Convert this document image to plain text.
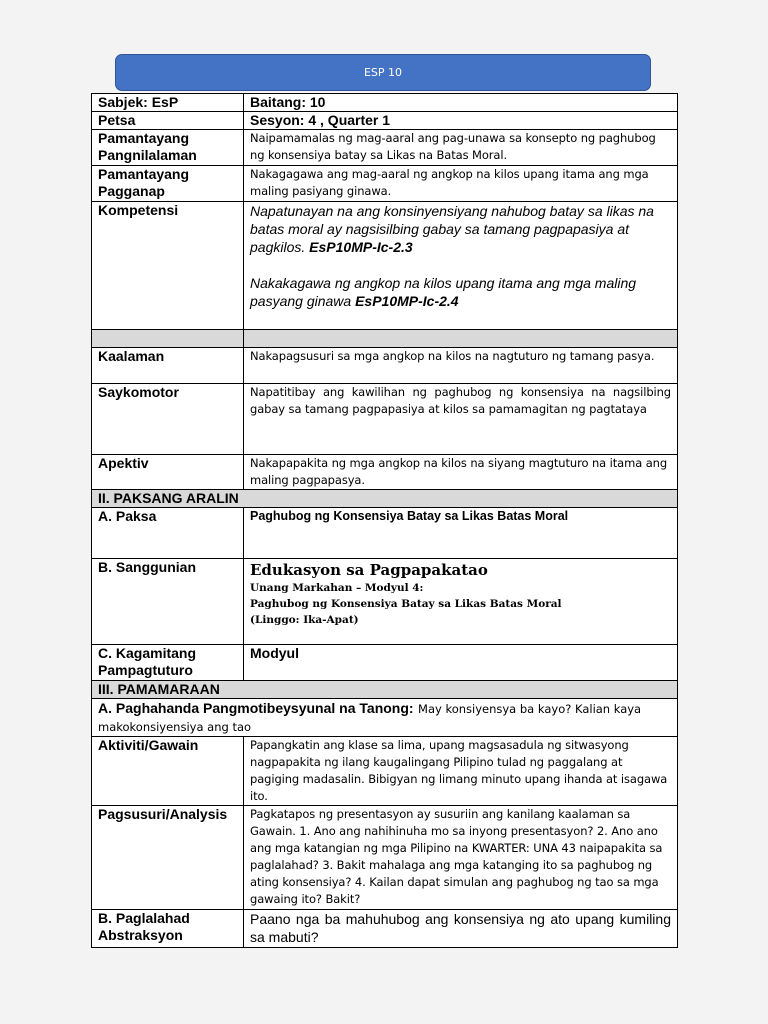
ESP 10
Sabjek: EsP	Baitang: 10
Petsa	Sesyon: 4 , Quarter 1
Pamantayang Pangnilalaman	Naipamamalas ng mag-aaral ang pag-unawa sa konsepto ng paghubog ng konsensiya batay sa Likas na Batas Moral.
Pamantayang Pagganap	Nakagagawa ang mag-aaral ng angkop na kilos upang itama ang mga maling pasiyang ginawa.
Kompetensi	Napatunayan na ang konsinyensiyang nahubog batay sa likas na batas moral ay nagsisilbing gabay sa tamang pagpapasiya at pagkilos. EsP10MP-Ic-2.3

Nakakagawa ng angkop na kilos upang itama ang mga maling pasyang ginawa EsP10MP-Ic-2.4

Kaalaman	Nakapagsusuri sa mga angkop na kilos na nagtuturo ng tamang pasya.
Saykomotor	Napatitibay ang kawilihan ng paghubog ng konsensiya na nagsilbing gabay sa tamang pagpapasiya at kilos sa pamamagitan ng pagtataya
Apektiv	Nakapapakita ng mga angkop na kilos na siyang magtuturo na itama ang maling pagpapasya.
II. PAKSANG ARALIN	
A. Paksa	Paghubog ng Konsensiya Batay sa Likas Batas Moral
B. Sanggunian	Edukasyon sa Pagpapakatao
Unang Markahan – Modyul 4:
Paghubog ng Konsensiya Batay sa Likas Batas Moral
(Linggo: Ika-Apat)

C. Kagamitang Pampagtuturo	Modyul
III. PAMAMARAAN	
A. Paghahanda Pangmotibeysyunal na Tanong: May konsiyensya ba kayo? Kalian kaya makokonsiyensiya ang tao	
Aktiviti/Gawain	Papangkatin ang klase sa lima, upang magsasadula ng sitwasyong nagpapakita ng ilang kaugalingang Pilipino tulad ng paggalang at pagiging madasalin. Bibigyan ng limang minuto upang ihanda at isagawa ito.
Pagsusuri/Analysis	Pagkatapos ng presentasyon ay susuriin ang kanilang kaalaman sa Gawain. 1. Ano ang nahihinuha mo sa inyong presentasyon? 2. Ano ano ang mga katangian ng mga Pilipino na KWARTER: UNA 43 naipapakita sa paglalahad? 3. Bakit mahalaga ang mga katanging ito sa paghubog ng ating konsensiya? 4. Kailan dapat simulan ang paghubog ng tao sa mga gawaing ito? Bakit?
B. Paglalahad Abstraksyon	Paano nga ba mahuhubog ang konsensiya ng ato upang kumiling sa mabuti?
